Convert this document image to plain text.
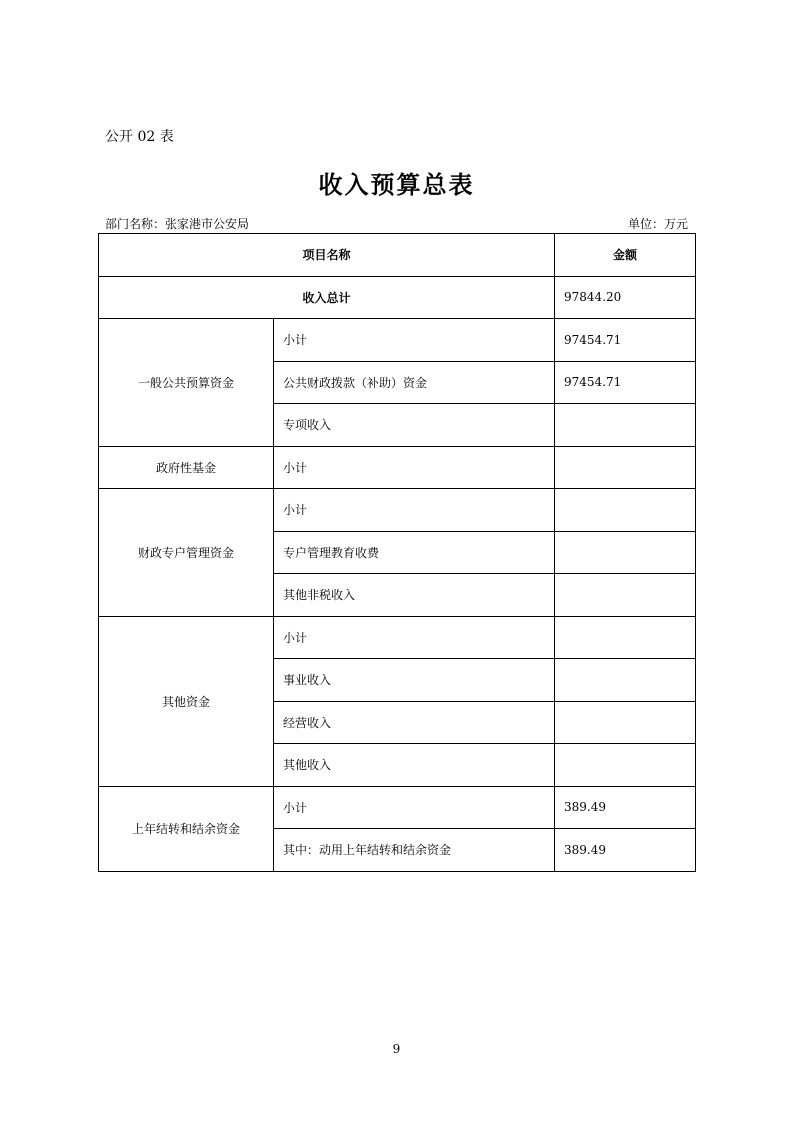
公开 02 表
收入预算总表
部门名称：张家港市公安局	单位：万元
项目名称		金额
收入总计		97844.20
一般公共预算资金	小计	97454.71
	公共财政拨款（补助）资金	97454.71
	专项收入	
政府性基金	小计	
财政专户管理资金	小计	
	专户管理教育收费	
	其他非税收入	
其他资金	小计	
	事业收入	
	经营收入	
	其他收入	
上年结转和结余资金	小计	389.49
	其中：动用上年结转和结余资金	389.49
9
